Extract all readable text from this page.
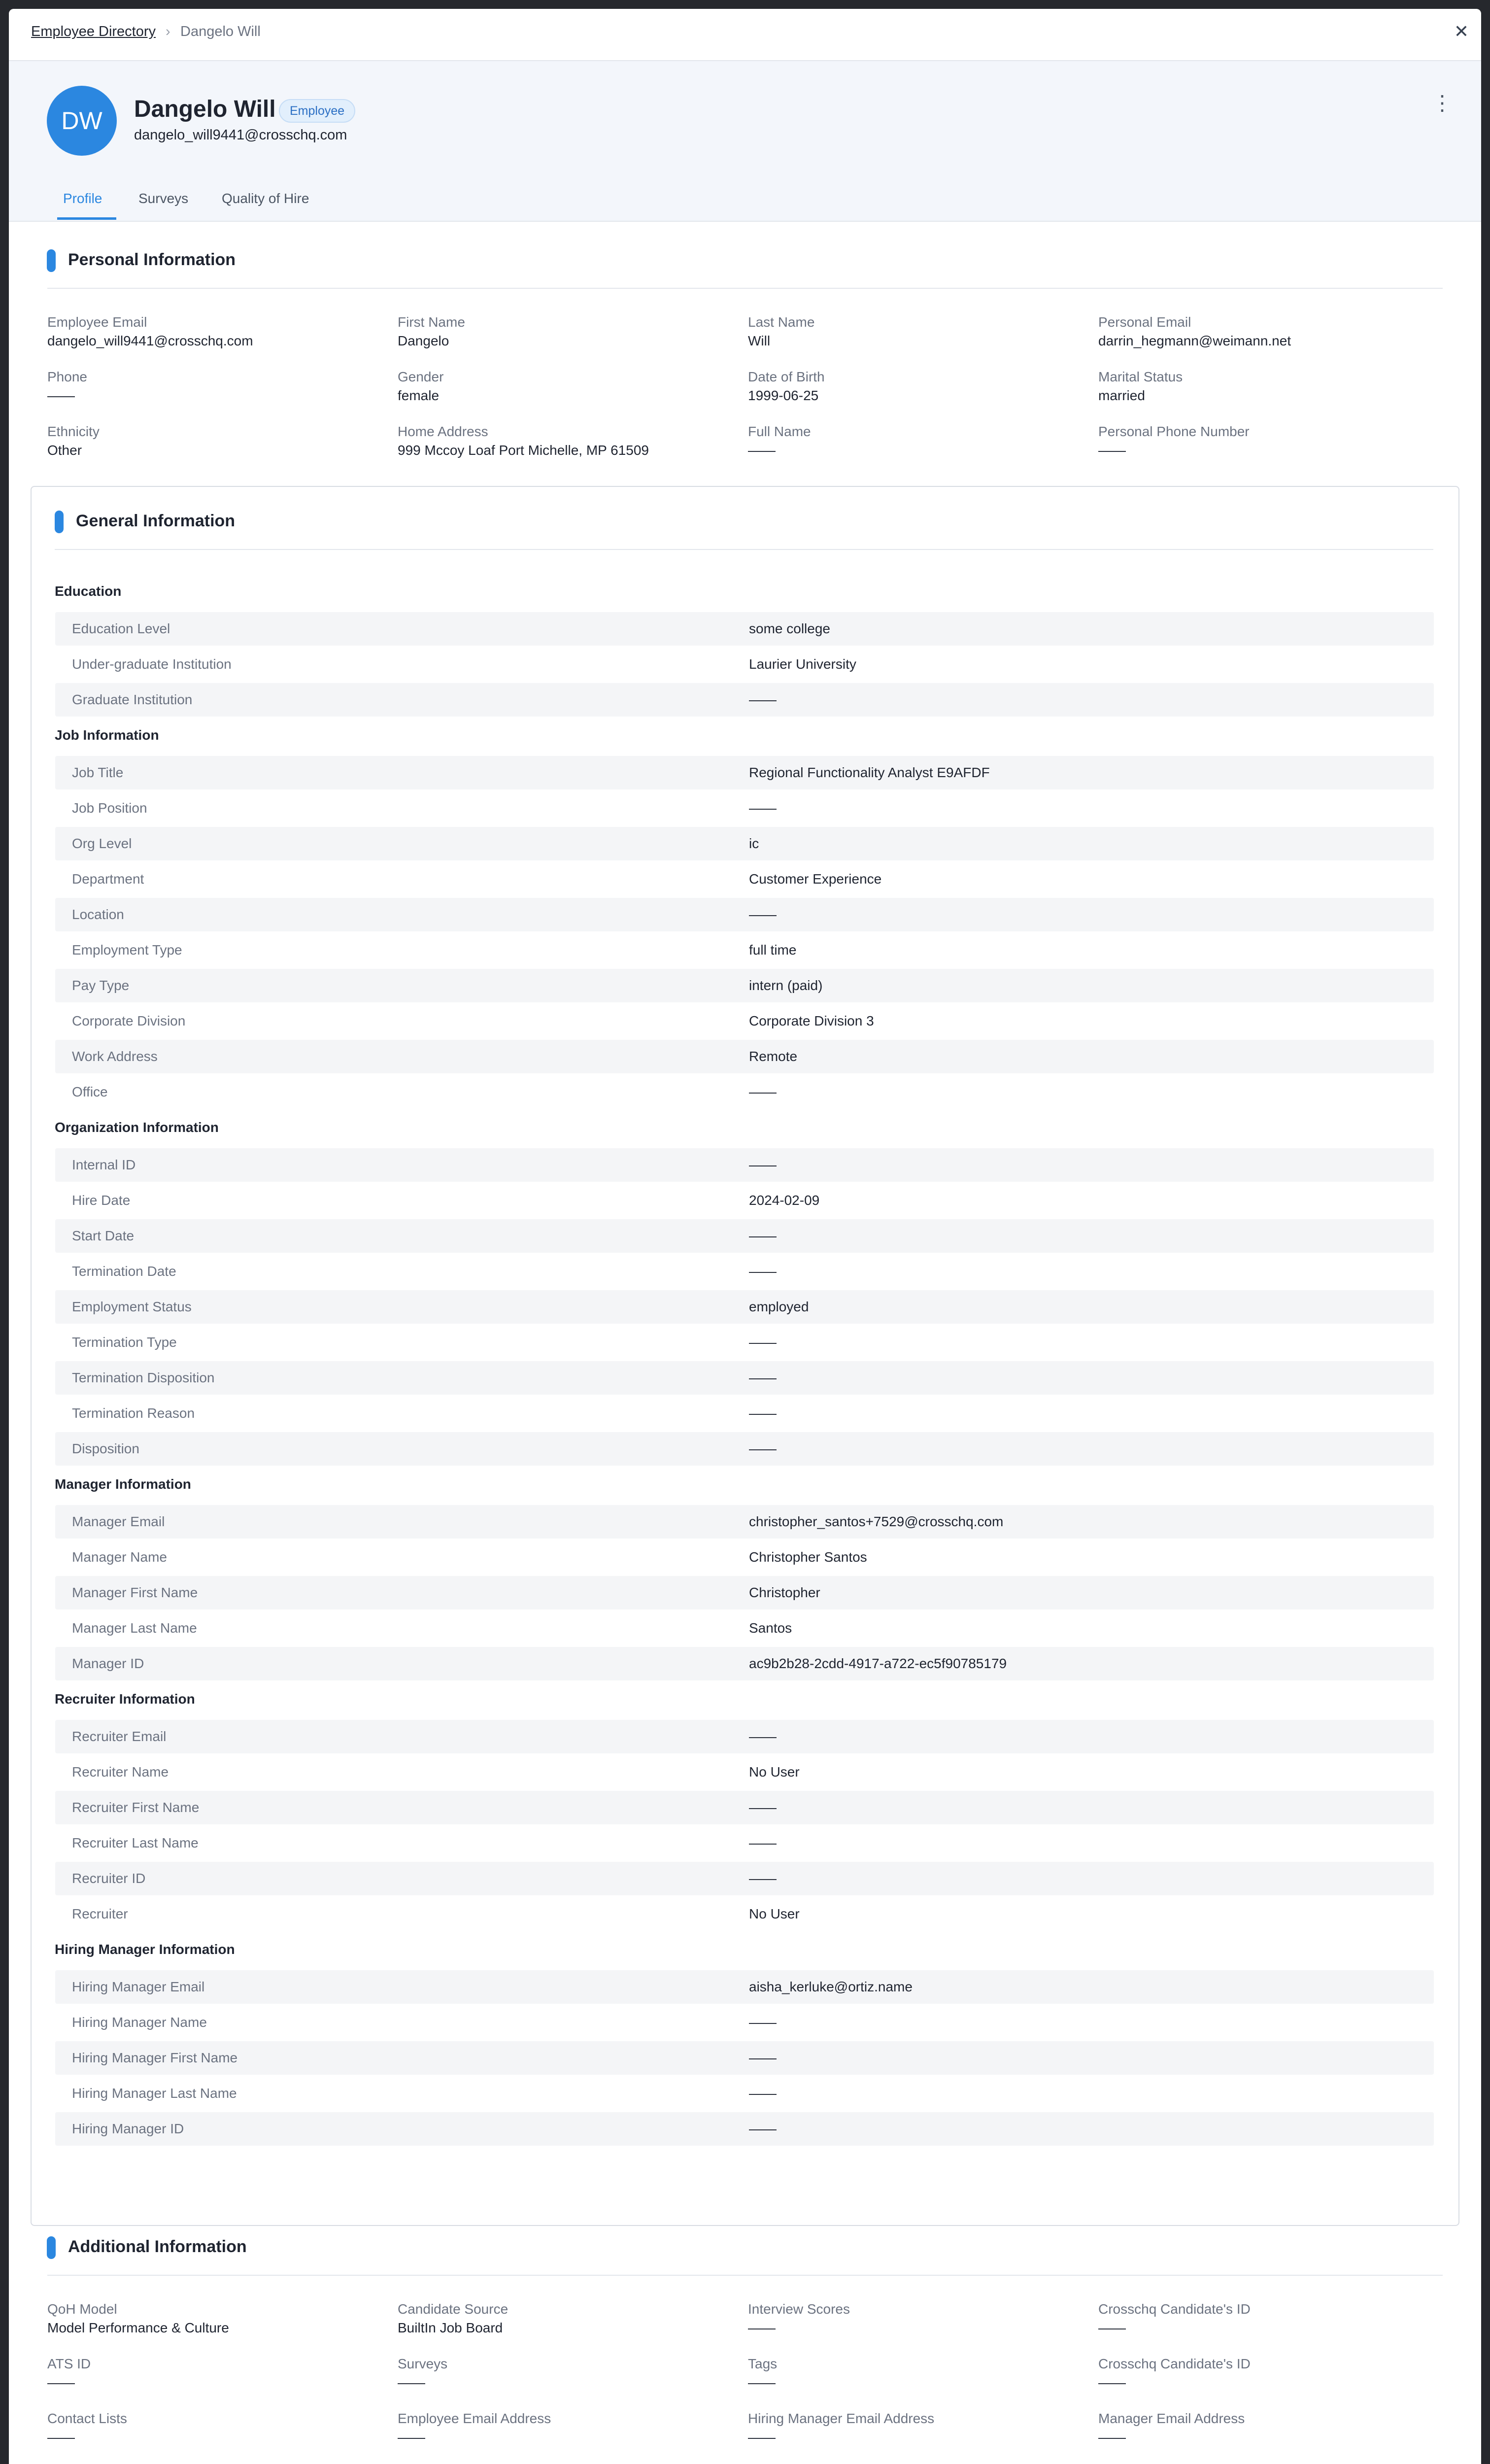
Employee Directory › Dangelo Will	✕
DW	Dangelo Will	Employee
dangelo_will9441@crosschq.com
⋮
Profile	Surveys Quality of Hire
Personal Information
General Information
Education
Education Level	some college
Under-graduate Institution	Laurier University
Graduate Institution	——
Job Information
Job Title	Regional Functionality Analyst E9AFDF
Job Position	——
Org Level	ic
Department	Customer Experience
Location	——
Employment Type	full time
Pay Type	intern (paid)
Corporate Division	Corporate Division 3
Work Address	Remote
Office	——
Organization Information
Internal ID	——
Hire Date	2024-02-09
Start Date	——
Termination Date	——
Employment Status	employed
Termination Type	——
Termination Disposition	——
Termination Reason	——
Disposition	——
Manager Information
Manager Email	christopher_santos+7529@crosschq.com
Manager Name	Christopher Santos
Manager First Name	Christopher
Manager Last Name	Santos
Manager ID	ac9b2b28-2cdd-4917-a722-ec5f90785179
Recruiter Information
Recruiter Email	——
Recruiter Name	No User
Recruiter First Name	——
Recruiter Last Name	——
Recruiter ID	——
Recruiter	No User
Hiring Manager Information
Hiring Manager Email	aisha_kerluke@ortiz.name
Hiring Manager Name	——
Hiring Manager First Name	——
Hiring Manager Last Name	——
Hiring Manager ID	——
Additional Information
Employee Email
dangelo_will9441@crosschq.com
First Name
Dangelo
Last Name
Will
Personal Email
darrin_hegmann@weimann.net
Phone
——
Gender
female
Date of Birth
1999-06-25
Marital Status
married
Ethnicity
Other
Home Address
999 Mccoy Loaf Port Michelle, MP 61509
Full Name
——
Personal Phone Number
——
QoH Model
Model Performance & Culture
Candidate Source
BuiltIn Job Board
Interview Scores
——
Crosschq Candidate's ID
——
ATS ID
——
Surveys
——
Tags
——
Crosschq Candidate's ID
——
Contact Lists
——
Employee Email Address
——
Hiring Manager Email Address
——
Manager Email Address
——
